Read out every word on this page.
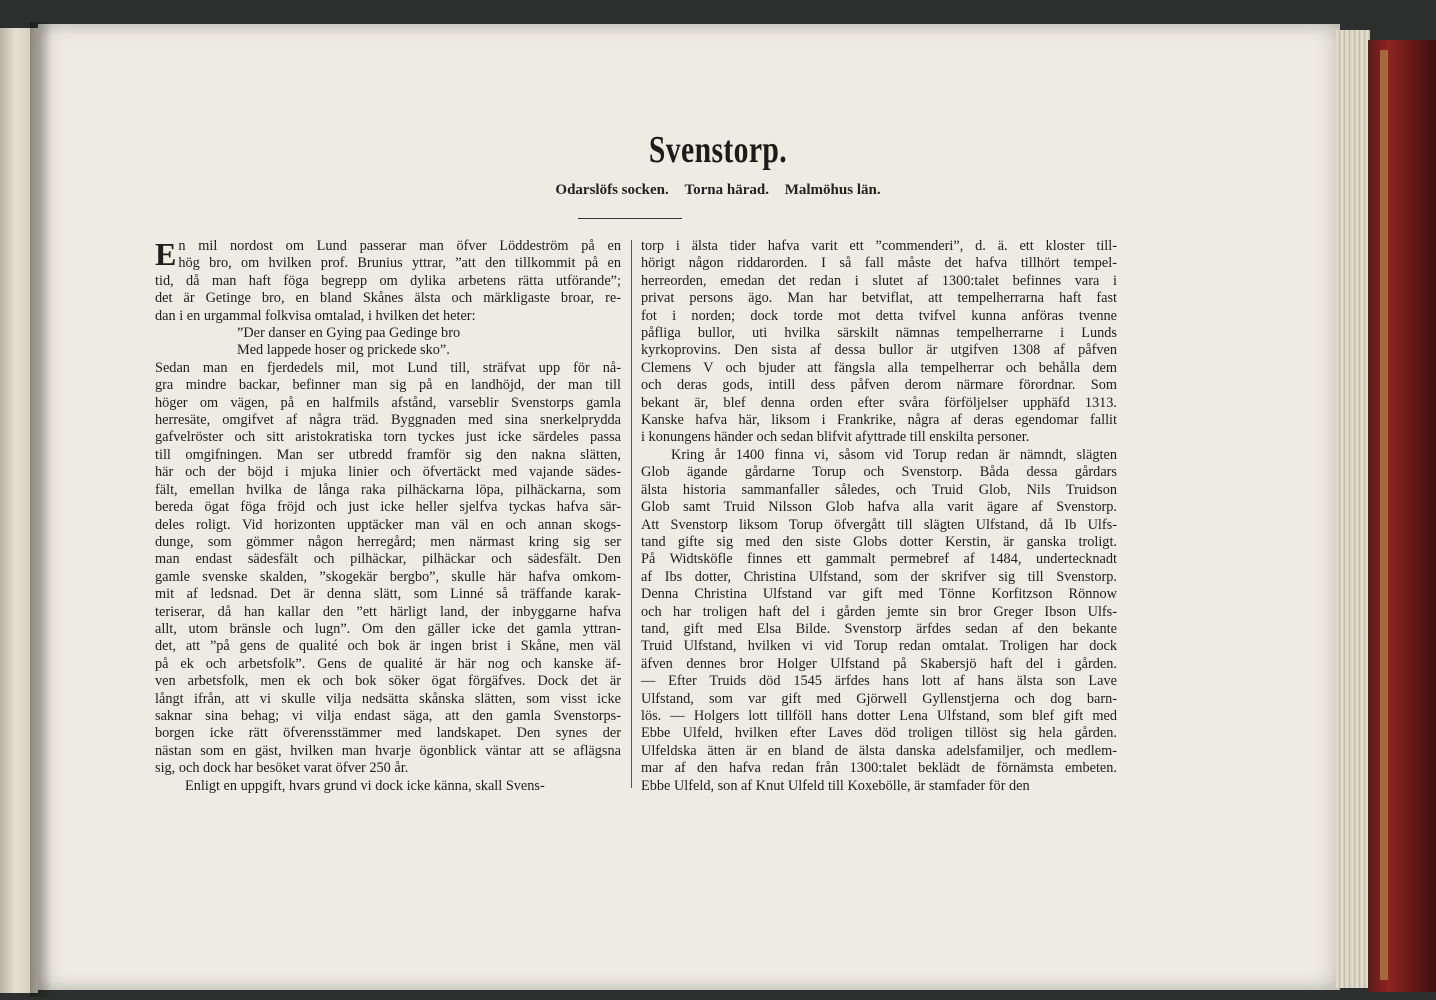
Svenstorp.
Odarslöfs socken. Torna härad. Malmöhus län.
E n mil nordost om Lund passerar man öfver Löddeström på en
hög bro, om hvilken prof. Brunius yttrar, ”att den tillkommit på en
tid, då man haft föga begrepp om dylika arbetens rätta utförande”;
det är Getinge bro, en bland Skånes älsta och märkligaste broar, re-
dan i en urgammal folkvisa omtalad, i hvilken det heter:
”Der danser en Gying paa Gedinge bro
Med lappede hoser og prickede sko”.
Sedan man en fjerdedels mil, mot Lund till, sträfvat upp för nå-
gra mindre backar, befinner man sig på en landhöjd, der man till
höger om vägen, på en halfmils afstånd, varseblir Svenstorps gamla
herresäte, omgifvet af några träd. Byggnaden med sina snerkelprydda
gafvelröster och sitt aristokratiska torn tyckes just icke särdeles passa
till omgifningen. Man ser utbredd framför sig den nakna slätten,
här och der böjd i mjuka linier och öfvertäckt med vajande sädes-
fält, emellan hvilka de långa raka pilhäckarna löpa, pilhäckarna, som
bereda ögat föga fröjd och just icke heller sjelfva tyckas hafva sär-
deles roligt. Vid horizonten upptäcker man väl en och annan skogs-
dunge, som gömmer någon herregård; men närmast kring sig ser
man endast sädesfält och pilhäckar, pilhäckar och sädesfält. Den
gamle svenske skalden, ”skogekär bergbo”, skulle här hafva omkom-
mit af ledsnad. Det är denna slätt, som Linné så träffande karak-
teriserar, då han kallar den ”ett härligt land, der inbyggarne hafva
allt, utom bränsle och lugn”. Om den gäller icke det gamla yttran-
det, att ”på gens de qualité och bok är ingen brist i Skåne, men väl
på ek och arbetsfolk”. Gens de qualité är här nog och kanske äf-
ven arbetsfolk, men ek och bok söker ögat förgäfves. Dock det är
långt ifrån, att vi skulle vilja nedsätta skånska slätten, som visst icke
saknar sina behag; vi vilja endast säga, att den gamla Svenstorps-
borgen icke rätt öfverensstämmer med landskapet. Den synes der
nästan som en gäst, hvilken man hvarje ögonblick väntar att se aflägsna
sig, och dock har besöket varat öfver 250 år.
Enligt en uppgift, hvars grund vi dock icke känna, skall Svens-
torp i älsta tider hafva varit ett ”commenderi”, d. ä. ett kloster till-
hörigt någon riddarorden. I så fall måste det hafva tillhört tempel-
herreorden, emedan det redan i slutet af 1300:talet befinnes vara i
privat persons ägo. Man har betviflat, att tempelherrarna haft fast
fot i norden; dock torde mot detta tvifvel kunna anföras tvenne
påfliga bullor, uti hvilka särskilt nämnas tempelherrarne i Lunds
kyrkoprovins. Den sista af dessa bullor är utgifven 1308 af påfven
Clemens V och bjuder att fängsla alla tempelherrar och behålla dem
och deras gods, intill dess påfven derom närmare förordnar. Som
bekant är, blef denna orden efter svåra förföljelser upphäfd 1313.
Kanske hafva här, liksom i Frankrike, några af deras egendomar fallit
i konungens händer och sedan blifvit afyttrade till enskilta personer.
Kring år 1400 finna vi, såsom vid Torup redan är nämndt, slägten
Glob ägande gårdarne Torup och Svenstorp. Båda dessa gårdars
älsta historia sammanfaller således, och Truid Glob, Nils Truidson
Glob samt Truid Nilsson Glob hafva alla varit ägare af Svenstorp.
Att Svenstorp liksom Torup öfvergått till slägten Ulfstand, då Ib Ulfs-
tand gifte sig med den siste Globs dotter Kerstin, är ganska troligt.
På Widtsköfle finnes ett gammalt permebref af 1484, undertecknadt
af Ibs dotter, Christina Ulfstand, som der skrifver sig till Svenstorp.
Denna Christina Ulfstand var gift med Tönne Korfitzson Rönnow
och har troligen haft del i gården jemte sin bror Greger Ibson Ulfs-
tand, gift med Elsa Bilde. Svenstorp ärfdes sedan af den bekante
Truid Ulfstand, hvilken vi vid Torup redan omtalat. Troligen har dock
äfven dennes bror Holger Ulfstand på Skabersjö haft del i gården.
— Efter Truids död 1545 ärfdes hans lott af hans älsta son Lave
Ulfstand, som var gift med Gjörwell Gyllenstjerna och dog barn-
lös. — Holgers lott tillföll hans dotter Lena Ulfstand, som blef gift med
Ebbe Ulfeld, hvilken efter Laves död troligen tillöst sig hela gården.
Ulfeldska ätten är en bland de älsta danska adelsfamiljer, och medlem-
mar af den hafva redan från 1300:talet beklädt de förnämsta embeten.
Ebbe Ulfeld, son af Knut Ulfeld till Koxebölle, är stamfader för den
